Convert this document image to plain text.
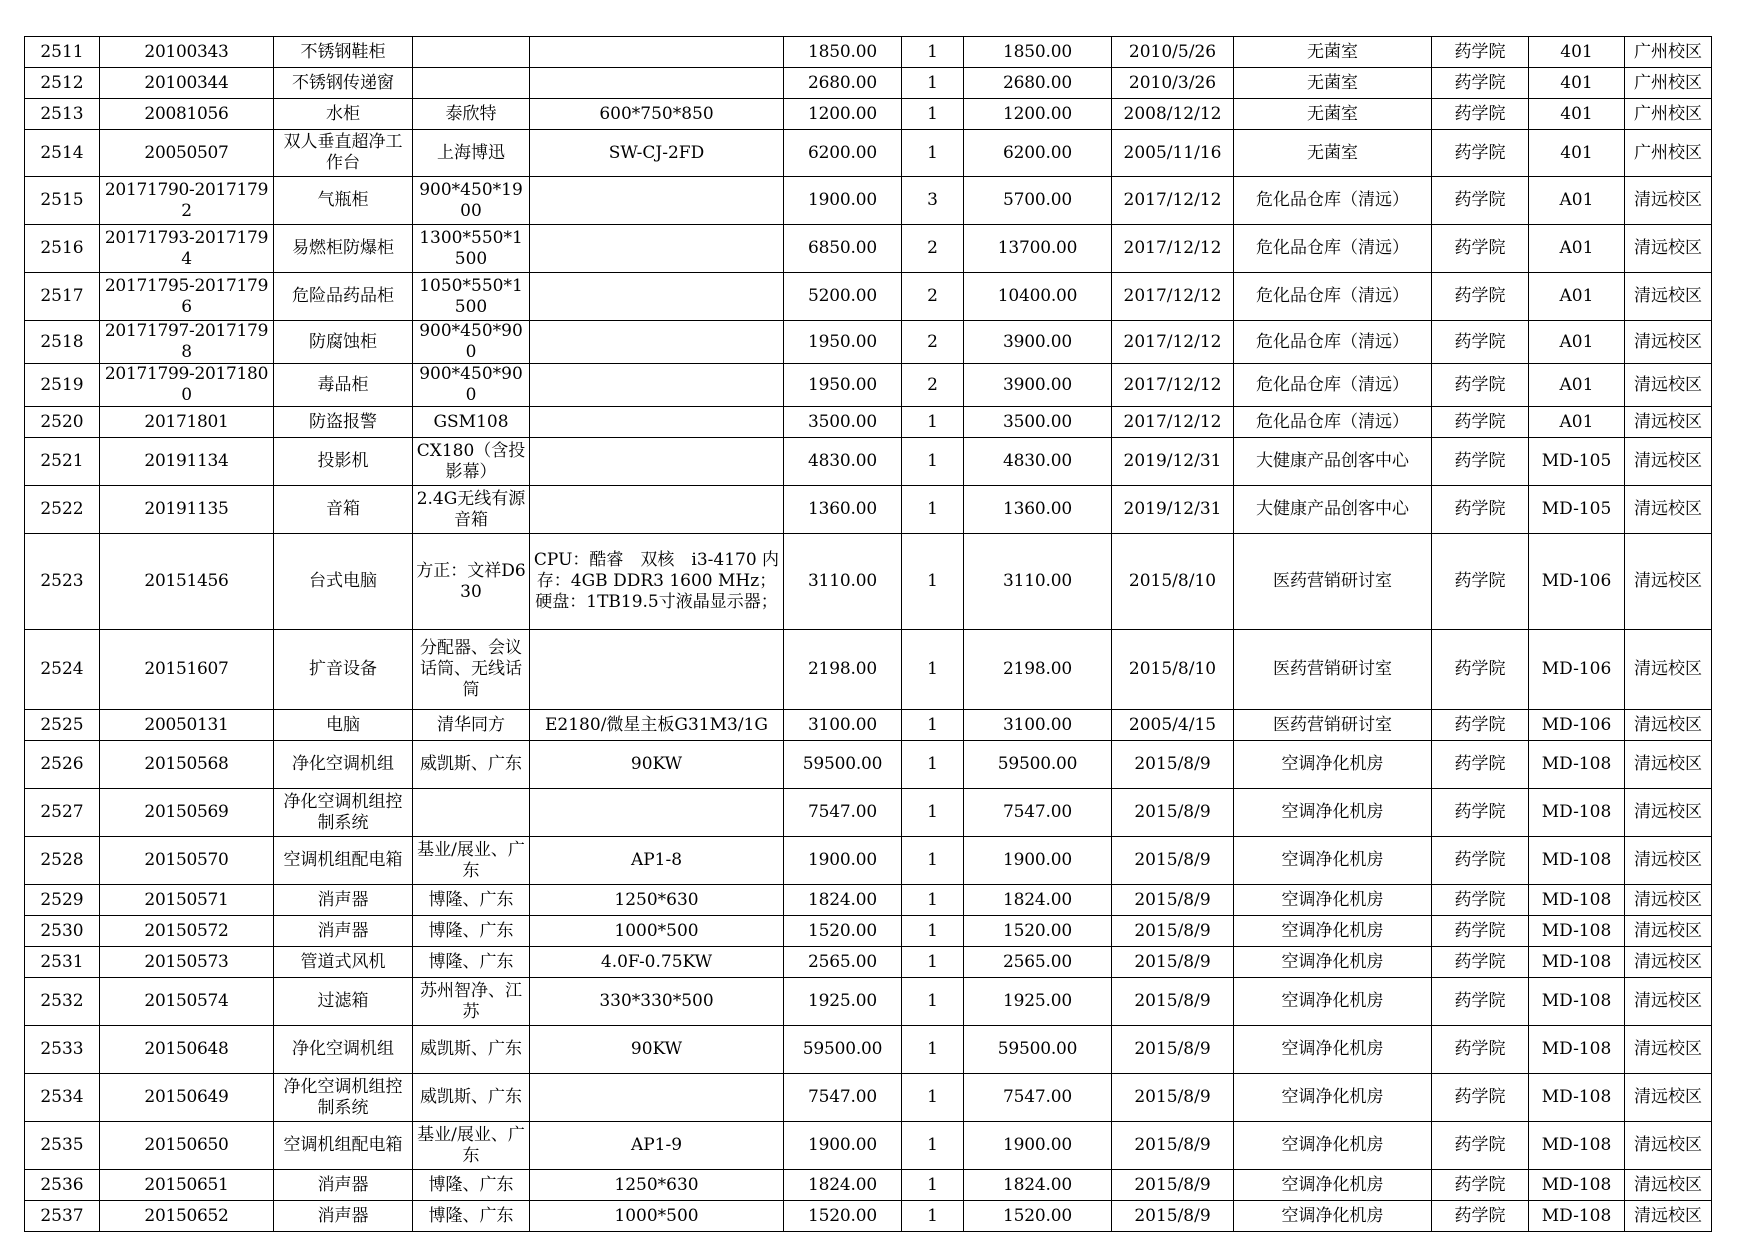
2511	20100343	不锈钢鞋柜			1850.00	1	1850.00	2010/5/26	无菌室	药学院	401	广州校区
2512	20100344	不锈钢传递窗			2680.00	1	2680.00	2010/3/26	无菌室	药学院	401	广州校区
2513	20081056	水柜	泰欣特	600*750*850	1200.00	1	1200.00	2008/12/12	无菌室	药学院	401	广州校区
2514	20050507	双人垂直超净工作台	上海博迅	SW-CJ-2FD	6200.00	1	6200.00	2005/11/16	无菌室	药学院	401	广州校区
2515	20171790-20171792	气瓶柜	900*450*1900		1900.00	3	5700.00	2017/12/12	危化品仓库（清远）	药学院	A01	清远校区
2516	20171793-20171794	易燃柜防爆柜	1300*550*1500		6850.00	2	13700.00	2017/12/12	危化品仓库（清远）	药学院	A01	清远校区
2517	20171795-20171796	危险品药品柜	1050*550*1500		5200.00	2	10400.00	2017/12/12	危化品仓库（清远）	药学院	A01	清远校区
2518	20171797-20171798	防腐蚀柜	900*450*900		1950.00	2	3900.00	2017/12/12	危化品仓库（清远）	药学院	A01	清远校区
2519	20171799-20171800	毒品柜	900*450*900		1950.00	2	3900.00	2017/12/12	危化品仓库（清远）	药学院	A01	清远校区
2520	20171801	防盗报警	GSM108		3500.00	1	3500.00	2017/12/12	危化品仓库（清远）	药学院	A01	清远校区
2521	20191134	投影机	CX180（含投影幕）		4830.00	1	4830.00	2019/12/31	大健康产品创客中心	药学院	MD-105	清远校区
2522	20191135	音箱	2.4G无线有源音箱		1360.00	1	1360.00	2019/12/31	大健康产品创客中心	药学院	MD-105	清远校区
2523	20151456	台式电脑	方正：文祥D630	CPU：酷睿　双核　i3-4170 内存：4GB DDR3 1600 MHz；硬盘：1TB19.5寸液晶显示器；	3110.00	1	3110.00	2015/8/10	医药营销研讨室	药学院	MD-106	清远校区
2524	20151607	扩音设备	分配器、会议话筒、无线话筒		2198.00	1	2198.00	2015/8/10	医药营销研讨室	药学院	MD-106	清远校区
2525	20050131	电脑	清华同方	E2180/微星主板G31M3/1G	3100.00	1	3100.00	2005/4/15	医药营销研讨室	药学院	MD-106	清远校区
2526	20150568	净化空调机组	威凯斯、广东	90KW	59500.00	1	59500.00	2015/8/9	空调净化机房	药学院	MD-108	清远校区
2527	20150569	净化空调机组控制系统			7547.00	1	7547.00	2015/8/9	空调净化机房	药学院	MD-108	清远校区
2528	20150570	空调机组配电箱	基业/展业、广东	AP1-8	1900.00	1	1900.00	2015/8/9	空调净化机房	药学院	MD-108	清远校区
2529	20150571	消声器	博隆、广东	1250*630	1824.00	1	1824.00	2015/8/9	空调净化机房	药学院	MD-108	清远校区
2530	20150572	消声器	博隆、广东	1000*500	1520.00	1	1520.00	2015/8/9	空调净化机房	药学院	MD-108	清远校区
2531	20150573	管道式风机	博隆、广东	4.0F-0.75KW	2565.00	1	2565.00	2015/8/9	空调净化机房	药学院	MD-108	清远校区
2532	20150574	过滤箱	苏州智净、江苏	330*330*500	1925.00	1	1925.00	2015/8/9	空调净化机房	药学院	MD-108	清远校区
2533	20150648	净化空调机组	威凯斯、广东	90KW	59500.00	1	59500.00	2015/8/9	空调净化机房	药学院	MD-108	清远校区
2534	20150649	净化空调机组控制系统	威凯斯、广东		7547.00	1	7547.00	2015/8/9	空调净化机房	药学院	MD-108	清远校区
2535	20150650	空调机组配电箱	基业/展业、广东	AP1-9	1900.00	1	1900.00	2015/8/9	空调净化机房	药学院	MD-108	清远校区
2536	20150651	消声器	博隆、广东	1250*630	1824.00	1	1824.00	2015/8/9	空调净化机房	药学院	MD-108	清远校区
2537	20150652	消声器	博隆、广东	1000*500	1520.00	1	1520.00	2015/8/9	空调净化机房	药学院	MD-108	清远校区
